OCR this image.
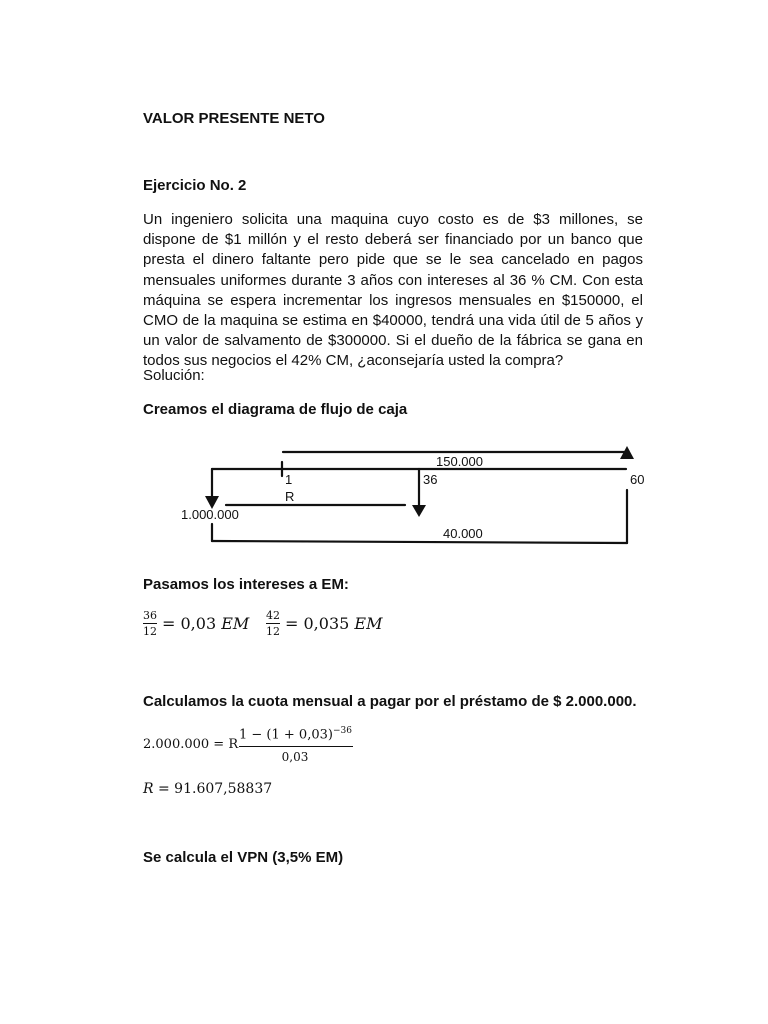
VALOR PRESENTE NETO
Ejercicio No. 2
Un ingeniero solicita una maquina cuyo costo es de $3 millones, se dispone de $1 millón y el resto deberá ser financiado por un banco que presta el dinero faltante pero pide que se le sea cancelado en pagos mensuales uniformes durante 3 años con intereses al 36 % CM. Con esta máquina se espera incrementar los ingresos mensuales en $150000, el CMO de la maquina se estima en $40000, tendrá una vida útil de 5 años y un valor de salvamento de $300000. Si el dueño de la fábrica se gana en todos sus negocios el 42% CM, ¿aconsejaría usted la compra?
Solución:
Creamos el diagrama de flujo de caja
150.000
1	36	60
R
1.000.000
40.000
Pasamos los intereses a EM:
36
12 = 0,03 EM 42
12 = 0,035 EM
Calculamos la cuota mensual a pagar por el préstamo de $ 2.000.000.
2.000.000 = R
$1 - (1 + 0,03)^{-36}$
0,03
R = 91.607,58837
Se calcula el VPN (3,5% EM)
